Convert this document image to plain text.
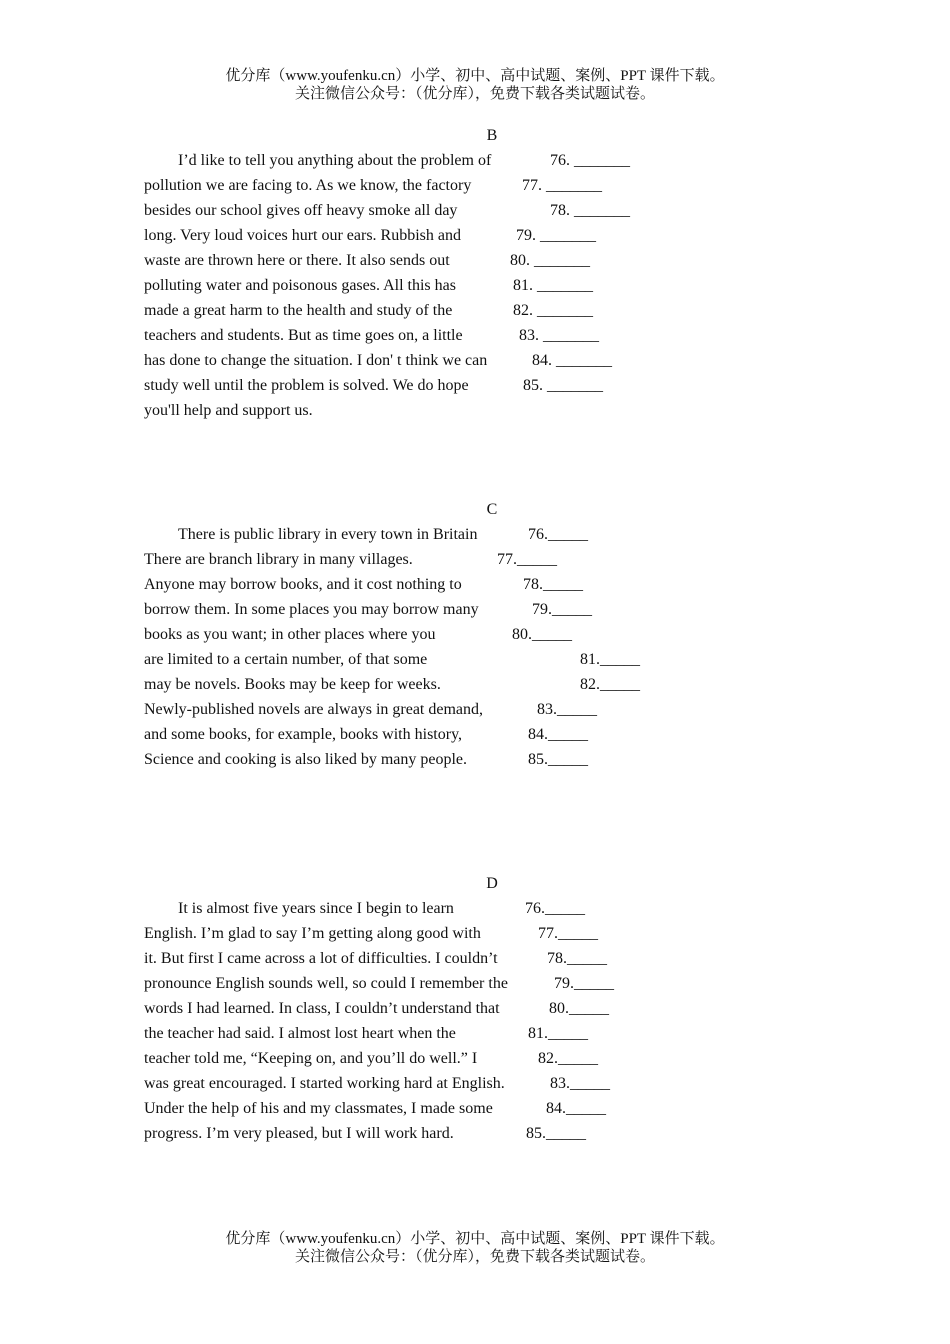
优分库（www.youfenku.cn）小学、初中、高中试题、案例、PPT 课件下载。
关注微信公众号：（优分库），免费下载各类试题试卷。
B
I’d like to tell you anything about the problem of
pollution we are facing to. As we know, the factory
besides our school gives off heavy smoke all day
long. Very loud voices hurt our ears. Rubbish and
waste are thrown here or there. It also sends out
polluting water and poisonous gases. All this has
made a great harm to the health and study of the
teachers and students. But as time goes on, a little
has done to change the situation. I don' t think we can
study well until the problem is solved. We do hope
you'll help and support us.
76. _______
77. _______
78. _______
79. _______
80. _______
81. _______
82. _______
83. _______
84. _______
85. _______
C
There is public library in every town in Britain
There are branch library in many villages.
Anyone may borrow books, and it cost nothing to
borrow them. In some places you may borrow many
books as you want; in other places where you
are limited to a certain number, of that some
may be novels. Books may be keep for weeks.
Newly-published novels are always in great demand,
and some books, for example, books with history,
Science and cooking is also liked by many people.
76._____
77._____
78._____
79._____
80._____
81._____
82._____
83._____
84._____
85._____
D
It is almost five years since I begin to learn
English. I’m glad to say I’m getting along good with
it. But first I came across a lot of difficulties. I couldn’t
pronounce English sounds well, so could I remember the
words I had learned. In class, I couldn’t understand that
the teacher had said. I almost lost heart when the
teacher told me, “Keeping on, and you’ll do well.” I
was great encouraged. I started working hard at English.
Under the help of his and my classmates, I made some
progress. I’m very pleased, but I will work hard.
76._____
77._____
78._____
79._____
80._____
81._____
82._____
83._____
84._____
85._____
优分库（www.youfenku.cn）小学、初中、高中试题、案例、PPT 课件下载。
关注微信公众号：（优分库），免费下载各类试题试卷。
